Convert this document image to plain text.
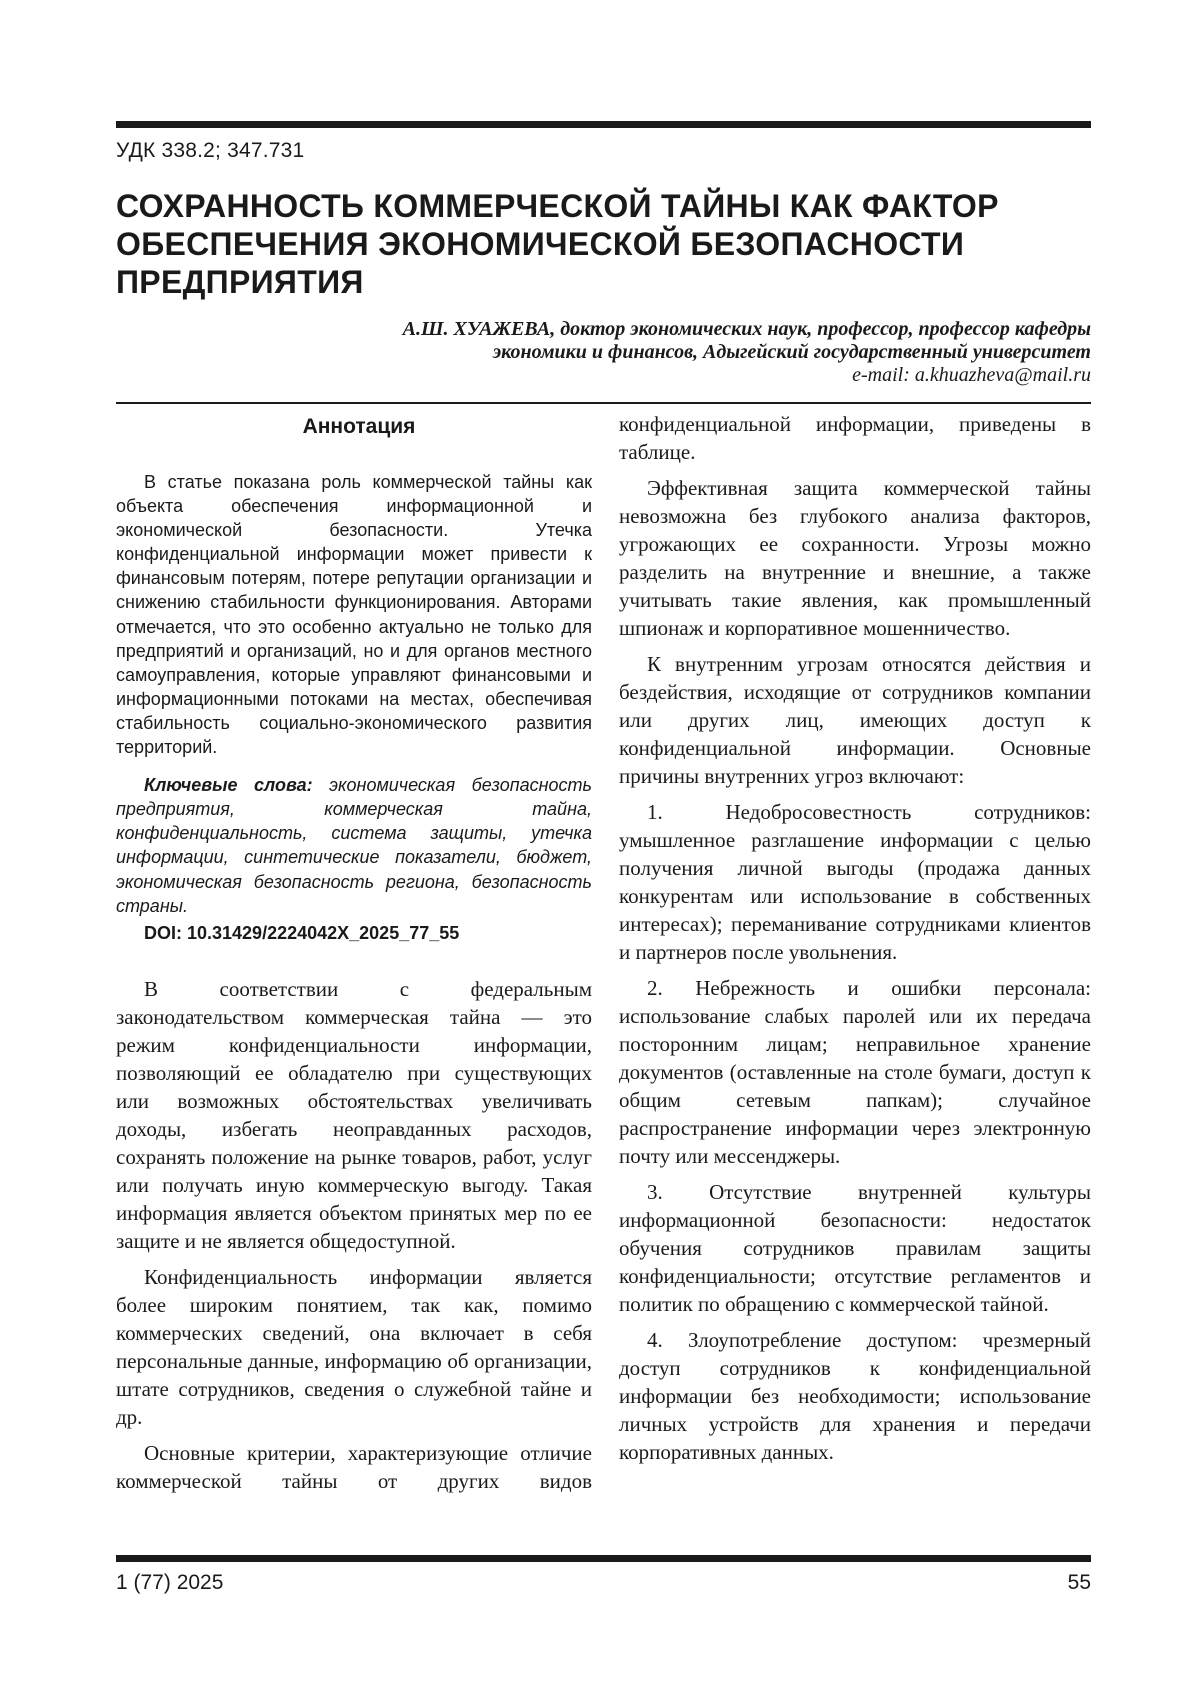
УДК 338.2; 347.731
СОХРАННОСТЬ КОММЕРЧЕСКОЙ ТАЙНЫ КАК ФАКТОР
ОБЕСПЕЧЕНИЯ ЭКОНОМИЧЕСКОЙ БЕЗОПАСНОСТИ
ПРЕДПРИЯТИЯ
А.Ш. ХУАЖЕВА, доктор экономических наук, профессор, профессор кафедры
экономики и финансов, Адыгейский государственный университет
e-mail: a.khuazheva@mail.ru
Аннотация

В статье показана роль коммерческой тайны как объекта обеспечения информационной и экономической безопасности. Утечка конфиденциальной информации может привести к финансовым потерям, потере репутации организации и снижению стабильности функционирования. Авторами отмечается, что это особенно актуально не только для предприятий и организаций, но и для органов местного самоуправления, которые управляют финансовыми и информационными потоками на местах, обеспечивая стабильность социально-экономического развития территорий.

Ключевые слова: экономическая безопасность предприятия, коммерческая тайна, конфиденциальность, система защиты, утечка информации, синтетические показатели, бюджет, экономическая безопасность региона, безопасность страны.
DOI: 10.31429/2224042X_2025_77_55

В соответствии с федеральным законодательством коммерческая тайна — это режим конфиденциальности информации, позволяющий ее обладателю при существующих или возможных обстоятельствах увеличивать доходы, избегать неоправданных расходов, сохранять положение на рынке товаров, работ, услуг или получать иную коммерческую выгоду. Такая информация является объектом принятых мер по ее защите и не является общедоступной.

Конфиденциальность информации является более широким понятием, так как, помимо коммерческих сведений, она включает в себя персональные данные, информацию об организации, штате сотрудников, сведения о служебной тайне и др.

Основные критерии, характеризующие отличие коммерческой тайны от других видов

конфиденциальной информации, приведены в таблице.

Эффективная защита коммерческой тайны невозможна без глубокого анализа факторов, угрожающих ее сохранности. Угрозы можно разделить на внутренние и внешние, а также учитывать такие явления, как промышленный шпионаж и корпоративное мошенничество.

К внутренним угрозам относятся действия и бездействия, исходящие от сотрудников компании или других лиц, имеющих доступ к конфиденциальной информации. Основные причины внутренних угроз включают:

1. Недобросовестность сотрудников: умышленное разглашение информации с целью получения личной выгоды (продажа данных конкурентам или использование в собственных интересах); переманивание сотрудниками клиентов и партнеров после увольнения.

2. Небрежность и ошибки персонала: использование слабых паролей или их передача посторонним лицам; неправильное хранение документов (оставленные на столе бумаги, доступ к общим сетевым папкам); случайное распространение информации через электронную почту или мессенджеры.

3. Отсутствие внутренней культуры информационной безопасности: недостаток обучения сотрудников правилам защиты конфиденциальности; отсутствие регламентов и политик по обращению с коммерческой тайной.

4. Злоупотребление доступом: чрезмерный доступ сотрудников к конфиденциальной информации без необходимости; использование личных устройств для хранения и передачи корпоративных данных.

1 (77) 2025	55
